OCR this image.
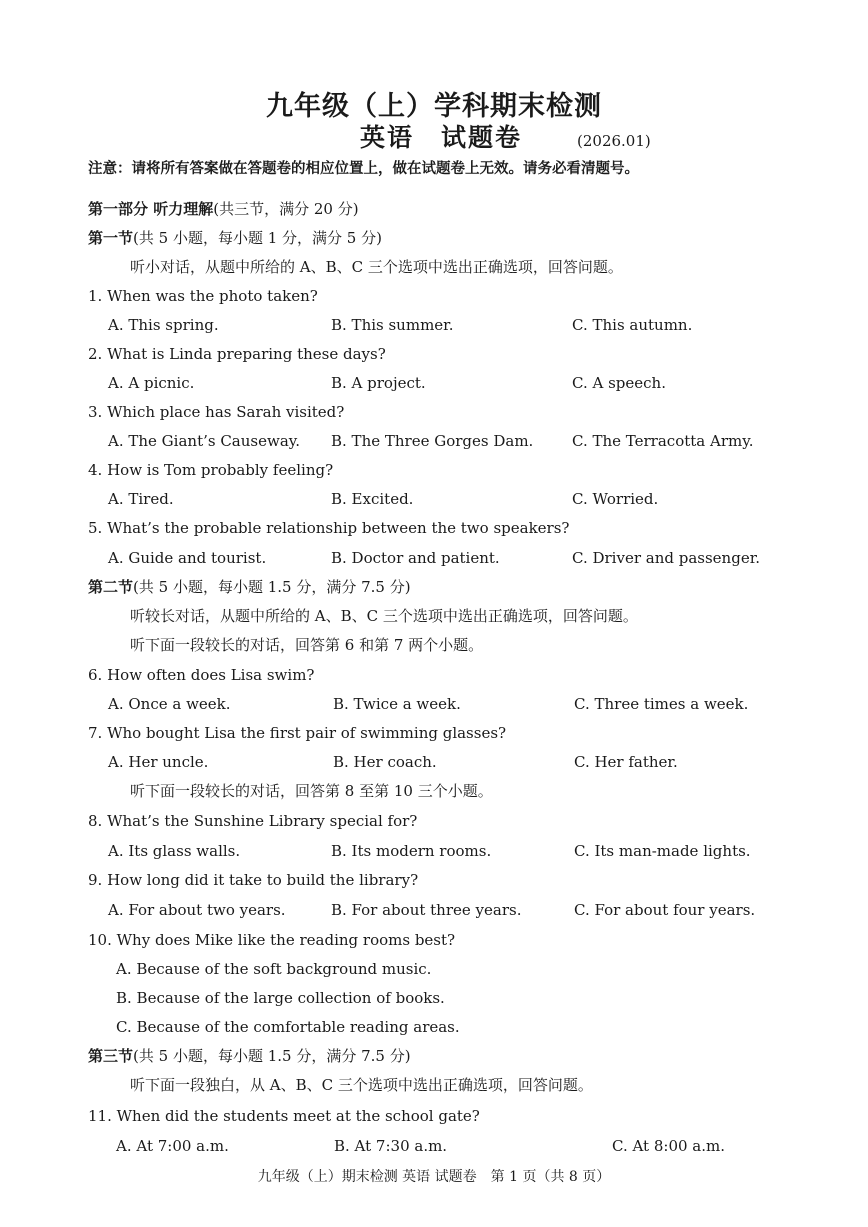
九年级（上）学科期末检测
英语　试题卷	(2026.01)
注意：请将所有答案做在答题卷的相应位置上，做在试题卷上无效。请务必看清题号。
第一部分 听力理解(共三节，满分 20 分)
第一节(共 5 小题，每小题 1 分，满分 5 分)
听小对话，从题中所给的 A、B、C 三个选项中选出正确选项，回答问题。
1. When was the photo taken?
A. This spring.	B. This summer.	C. This autumn.
2. What is Linda preparing these days?
A. A picnic.	B. A project.	C. A speech.
3. Which place has Sarah visited?
A. The Giant’s Causeway. B. The Three Gorges Dam.	C. The Terracotta Army.
4. How is Tom probably feeling?
A. Tired.	B. Excited.	C. Worried.
5. What’s the probable relationship between the two speakers?
A. Guide and tourist.	B. Doctor and patient.	C. Driver and passenger.
第二节(共 5 小题，每小题 1.5 分，满分 7.5 分)
听较长对话，从题中所给的 A、B、C 三个选项中选出正确选项，回答问题。
听下面一段较长的对话，回答第 6 和第 7 两个小题。
6. How often does Lisa swim?
A. Once a week.	B. Twice a week.	C. Three times a week.
7. Who bought Lisa the first pair of swimming glasses?
A. Her uncle.	B. Her coach.	C. Her father.
听下面一段较长的对话，回答第 8 至第 10 三个小题。
8. What’s the Sunshine Library special for?
A. Its glass walls.	B. Its modern rooms.	C. Its man-made lights.
9. How long did it take to build the library?
A. For about two years.	B. For about three years.	C. For about four years.
10. Why does Mike like the reading rooms best?
A. Because of the soft background music.
B. Because of the large collection of books.
C. Because of the comfortable reading areas.
第三节(共 5 小题，每小题 1.5 分，满分 7.5 分)
听下面一段独白，从 A、B、C 三个选项中选出正确选项，回答问题。
11. When did the students meet at the school gate?
A. At 7:00 a.m.	B. At 7:30 a.m.	C. At 8:00 a.m.
九年级（上）期末检测 英语 试题卷　第 1 页（共 8 页）
